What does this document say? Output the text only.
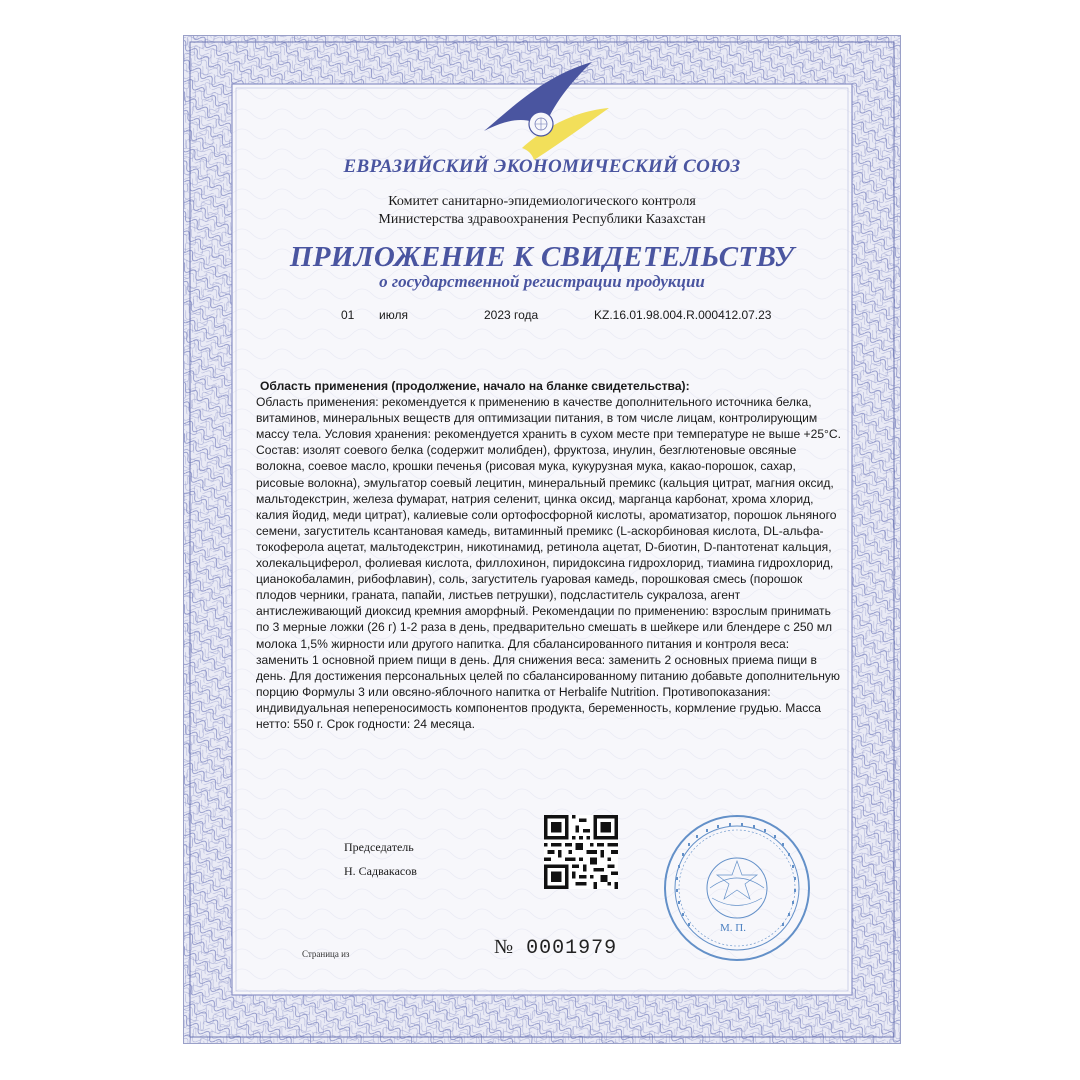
ЕВРАЗИЙСКИЙ ЭКОНОМИЧЕСКИЙ СОЮЗ
Комитет санитарно-эпидемиологического контроля
Министерства здравоохранения Республики Казахстан
ПРИЛОЖЕНИЕ К СВИДЕТЕЛЬСТВУ
о государственной регистрации продукции
01 июля	2023 года	KZ.16.01.98.004.R.000412.07.23
Область применения (продолжение, начало на бланке свидетельства):

Область применения: рекомендуется к применению в качестве дополнительного источника белка, витаминов, минеральных веществ для оптимизации питания, в том числе лицам, контролирующим массу тела. Условия хранения: рекомендуется хранить в сухом месте при температуре не выше +25°С. Состав: изолят соевого белка (содержит молибден), фруктоза, инулин, безглютеновые овсяные волокна, соевое масло, крошки печенья (рисовая мука, кукурузная мука, какао-порошок, сахар, рисовые волокна), эмульгатор соевый лецитин, минеральный премикс (кальция цитрат, магния оксид, мальтодекстрин, железа фумарат, натрия селенит, цинка оксид, марганца карбонат, хрома хлорид, калия йодид, меди цитрат), калиевые соли ортофосфорной кислоты, ароматизатор, порошок льняного семени, загуститель ксантановая камедь, витаминный премикс (L-аскорбиновая кислота, DL-альфа-токоферола ацетат, мальтодекстрин, никотинамид, ретинола ацетат, D-биотин, D-пантотенат кальция, холекальциферол, фолиевая кислота, филлохинон, пиридоксина гидрохлорид, тиамина гидрохлорид, цианокобаламин, рибофлавин), соль, загуститель гуаровая камедь, порошковая смесь (порошок плодов черники, граната, папайи, листьев петрушки), подсластитель сукралоза, агент антислеживающий диоксид кремния аморфный. Рекомендации по применению: взрослым принимать по 3 мерные ложки (26 г) 1-2 раза в день, предварительно смешать в шейкере или блендере с 250 мл молока 1,5% жирности или другого напитка. Для сбалансированного питания и контроля веса: заменить 1 основной прием пищи в день. Для снижения веса: заменить 2 основных приема пищи в день. Для достижения персональных целей по сбалансированному питанию добавьте дополнительную порцию Формулы 3 или овсяно-яблочного напитка от Herbalife Nutrition. Противопоказания: индивидуальная непереносимость компонентов продукта, беременность, кормление грудью. Масса нетто: 550 г. Срок годности: 24 месяца.

Председатель
Н. Садвакасов
Страница из	№ 0001979
М. П.
